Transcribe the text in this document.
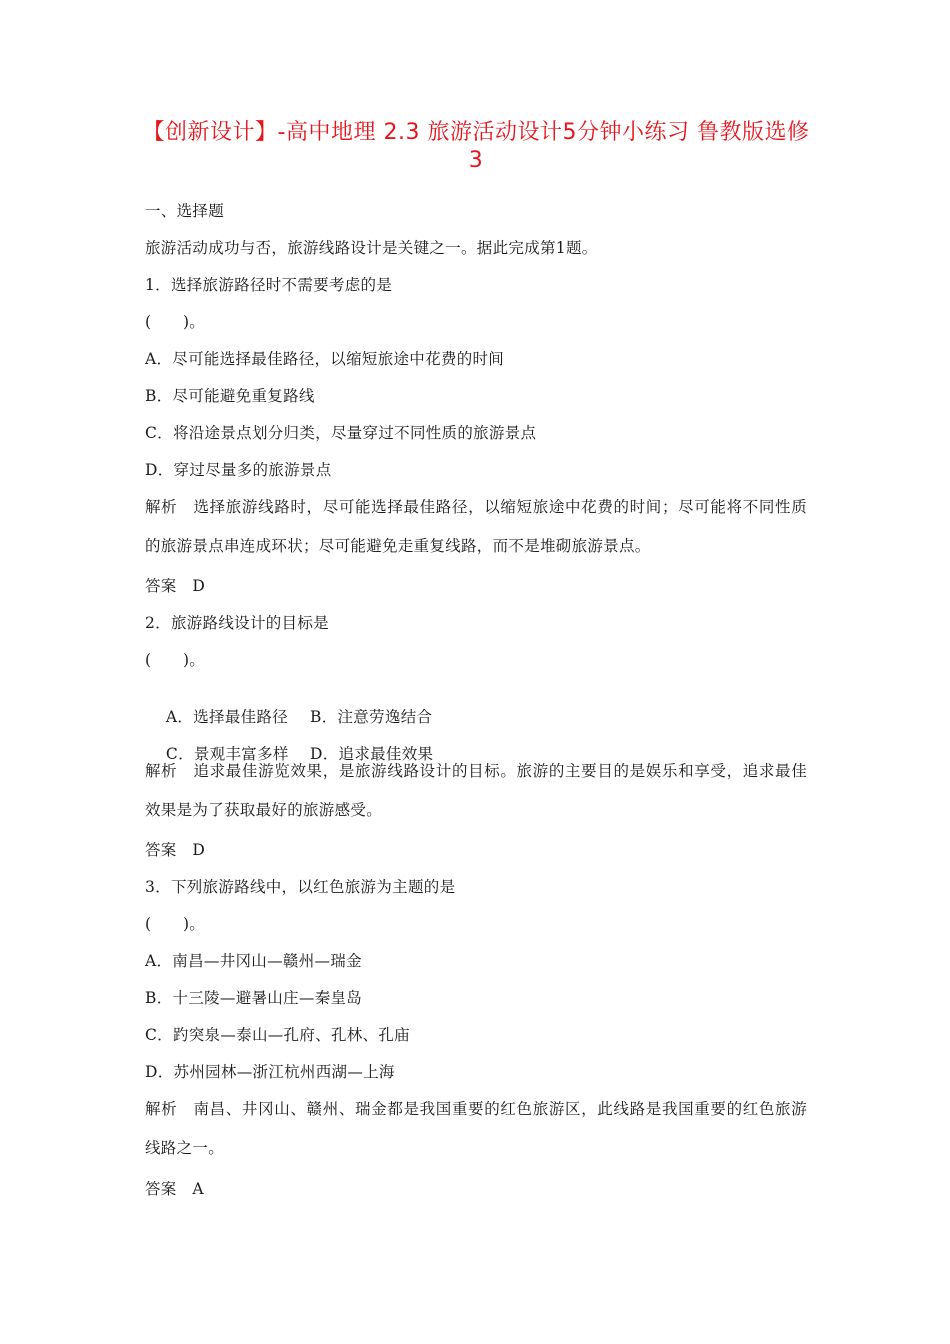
【创新设计】-高中地理 2.3 旅游活动设计5分钟小练习 鲁教版选修3
一、选择题
旅游活动成功与否，旅游线路设计是关键之一。据此完成第1题。
1．选择旅游路径时不需要考虑的是
(　　)。
A．尽可能选择最佳路径，以缩短旅途中花费的时间
B．尽可能避免重复路线
C．将沿途景点划分归类，尽量穿过不同性质的旅游景点
D．穿过尽量多的旅游景点
解析　选择旅游线路时，尽可能选择最佳路径，以缩短旅途中花费的时间；尽可能将不同性质的旅游景点串连成环状；尽可能避免走重复线路，而不是堆砌旅游景点。
答案　D
2．旅游路线设计的目标是
(　　)。

A．选择最佳路径 B．注意劳逸结合

C．景观丰富多样 D．追求最佳效果

解析　追求最佳游览效果，是旅游线路设计的目标。旅游的主要目的是娱乐和享受，追求最佳效果是为了获取最好的旅游感受。
答案　D
3．下列旅游路线中，以红色旅游为主题的是
(　　)。
A．南昌—井冈山—赣州—瑞金
B．十三陵—避暑山庄—秦皇岛
C．趵突泉—泰山—孔府、孔林、孔庙
D．苏州园林—浙江杭州西湖—上海
解析　南昌、井冈山、赣州、瑞金都是我国重要的红色旅游区，此线路是我国重要的红色旅游线路之一。
答案　A
